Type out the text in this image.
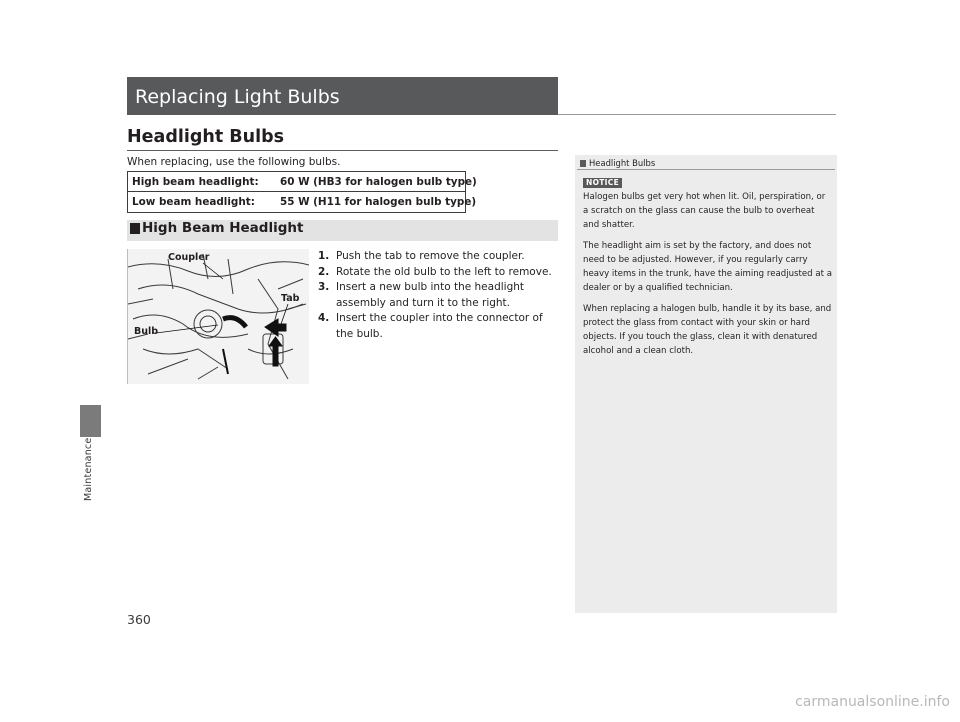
Maintenance
360
Replacing Light Bulbs
Headlight Bulbs
When replacing, use the following bulbs.
High beam headlight: 60 W (HB3 for halogen bulb type)
Low beam headlight: 55 W (H11 for halogen bulb type)
High Beam Headlight
Coupler
Tab
Bulb
1. Push the tab to remove the coupler.
2. Rotate the old bulb to the left to remove.
3. Insert a new bulb into the headlight assembly and turn it to the right.
4. Insert the coupler into the connector of the bulb.
Headlight Bulbs
NOTICE

Halogen bulbs get very hot when lit. Oil, perspiration, or a scratch on the glass can cause the bulb to overheat and shatter.

The headlight aim is set by the factory, and does not need to be adjusted. However, if you regularly carry heavy items in the trunk, have the aiming readjusted at a dealer or by a qualified technician.

When replacing a halogen bulb, handle it by its base, and protect the glass from contact with your skin or hard objects. If you touch the glass, clean it with denatured alcohol and a clean cloth.

carmanualsonline.info
